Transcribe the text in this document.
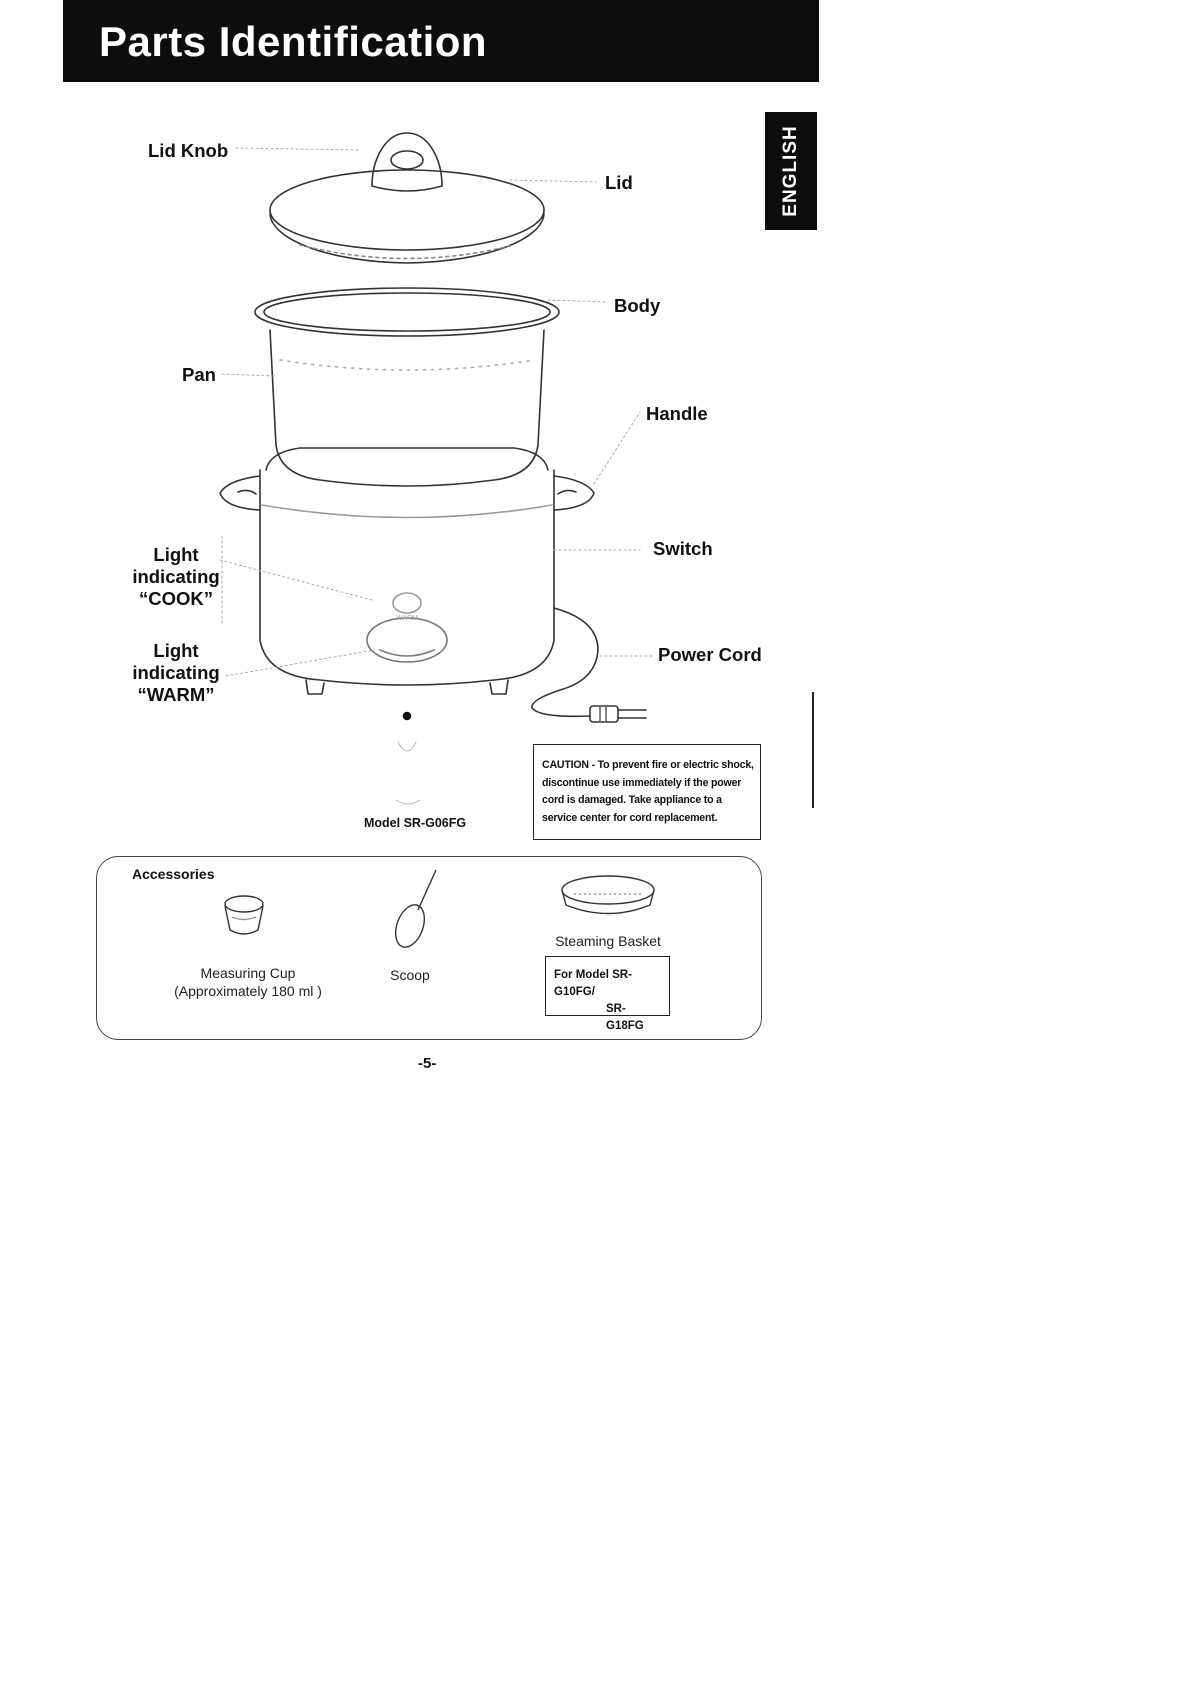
Parts Identification
ENGLISH
WARM
Lid Knob
Lid
Body
Pan
Handle
Switch
Power Cord
Light
indicating
“COOK”
Light
indicating
“WARM”
Model SR-G06FG
CAUTION - To prevent fire or electric shock, discontinue use immediately if the power cord is damaged. Take appliance to a service center for cord replacement.
Accessories
Measuring Cup
(Approximately 180 ml )
Scoop
Steaming Basket
For Model SR-G10FG/
SR-G18FG
-5-
